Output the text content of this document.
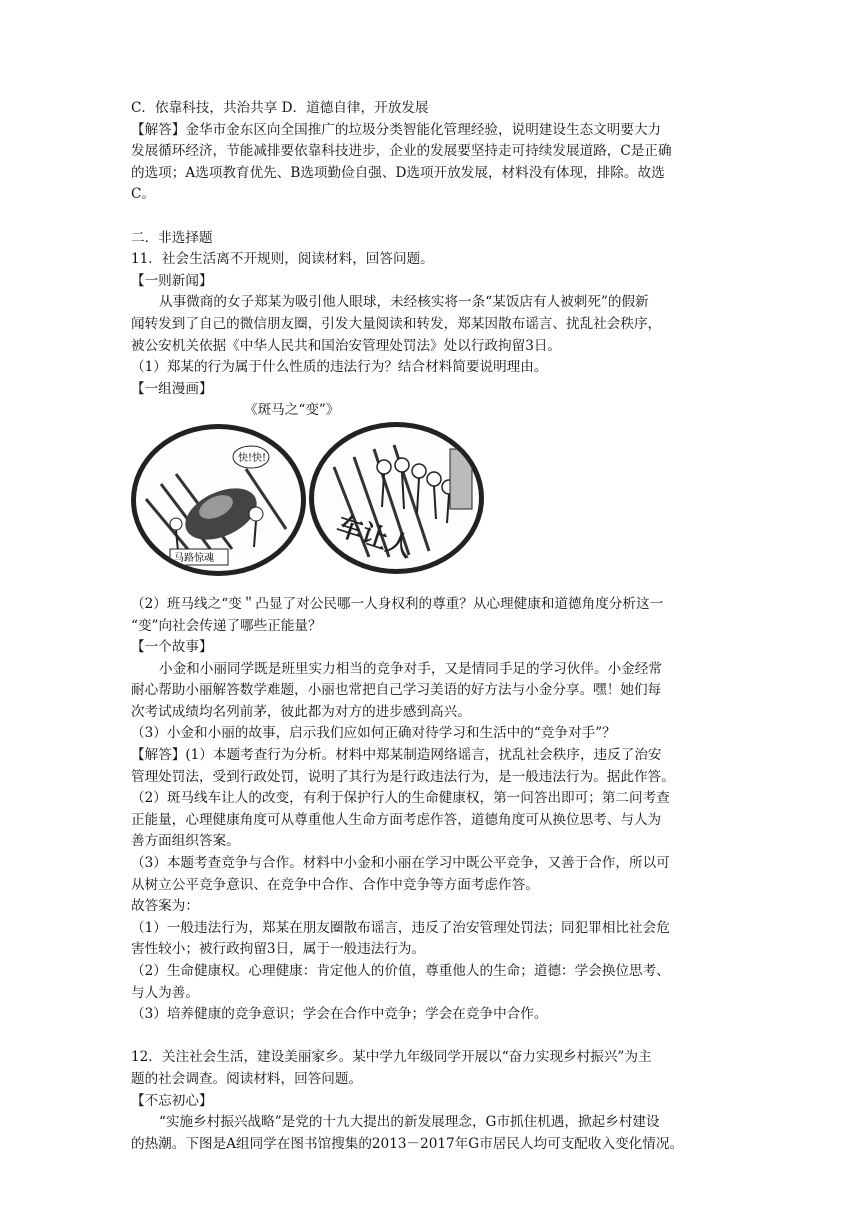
C．依靠科技，共治共享 D．道德自律，开放发展

【解答】金华市金东区向全国推广的垃圾分类智能化管理经验，说明建设生态文明要大力

发展循环经济，节能减排要依靠科技进步，企业的发展要坚持走可持续发展道路，C是正确

的选项；A选项教育优先、B选项勤俭自强、D选项开放发展，材料没有体现，排除。故选

C。

二．非选择题

11．社会生活离不开规则，阅读材料，回答问题。

【一则新闻】

从事微商的女子郑某为吸引他人眼球，未经核实将一条“某饭店有人被刺死”的假新

闻转发到了自己的微信朋友圈，引发大量阅读和转发，郑某因散布谣言、扰乱社会秩序，

被公安机关依据《中华人民共和国治安管理处罚法》处以行政拘留3日。

（1）郑某的行为属于什么性质的违法行为？结合材料简要说明理由。

【一组漫画】

《斑马之“变”》

快!快!
马路惊魂	车让人

（2）班马线之“变＂凸显了对公民哪一人身权利的尊重？从心理健康和道德角度分析这一

“变”向社会传递了哪些正能量？

【一个故事】

小金和小丽同学既是班里实力相当的竞争对手，又是情同手足的学习伙伴。小金经常

耐心帮助小丽解答数学难题，小丽也常把自己学习美语的好方法与小金分享。嘿！她们每

次考试成绩均名列前茅，彼此都为对方的进步感到高兴。

（3）小金和小丽的故事，启示我们应如何正确对待学习和生活中的“竞争对手”？

【解答】(1）本题考查行为分析。材料中郑某制造网络谣言，扰乱社会秩序，违反了治安

管理处罚法，受到行政处罚，说明了其行为是行政违法行为，是一般违法行为。据此作答。

（2）斑马线车让人的改变，有利于保护行人的生命健康权，第一问答出即可；第二问考查

正能量，心理健康角度可从尊重他人生命方面考虑作答，道德角度可从换位思考、与人为

善方面组织答案。

（3）本题考查竞争与合作。材料中小金和小丽在学习中既公平竞争，又善于合作，所以可

从树立公平竞争意识、在竞争中合作、合作中竞争等方面考虑作答。

故答案为：

（1）一般违法行为，郑某在朋友圈散布谣言，违反了治安管理处罚法；同犯罪相比社会危

害性较小；被行政拘留3日，属于一般违法行为。

（2）生命健康权。心理健康：肯定他人的价值，尊重他人的生命；道德：学会换位思考、

与人为善。

（3）培养健康的竞争意识；学会在合作中竞争；学会在竞争中合作。

12．关注社会生活，建设美丽家乡。某中学九年级同学开展以“奋力实现乡村振兴”为主

题的社会调查。阅读材料，回答问题。

【不忘初心】

“实施乡村振兴战略”是党的十九大提出的新发展理念，G市抓住机遇，掀起乡村建设

的热潮。下图是A组同学在图书馆搜集的2013－2017年G市居民人均可支配收入变化情况。
